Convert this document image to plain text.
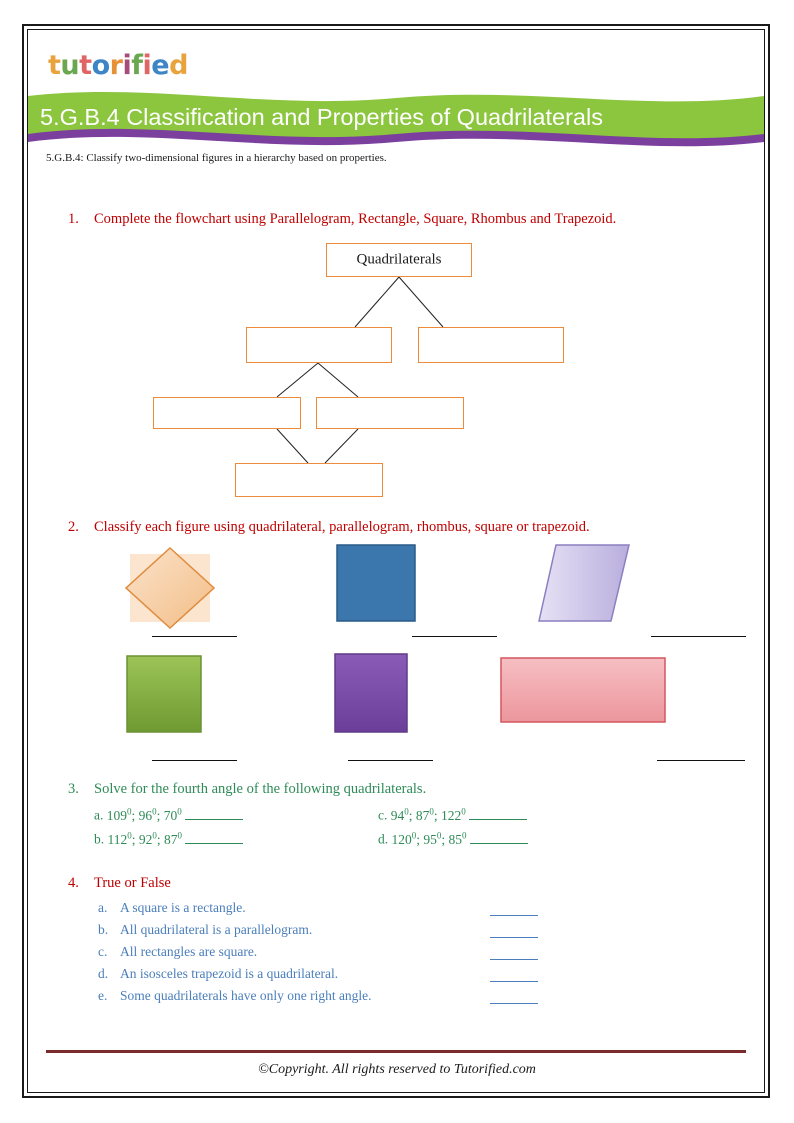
tutorified
5.G.B.4 Classification and Properties of Quadrilaterals
5.G.B.4: Classify two-dimensional figures in a hierarchy based on properties.
1. Complete the flowchart using Parallelogram, Rectangle, Square, Rhombus and Trapezoid.
Quadrilaterals
2. Classify each figure using quadrilateral, parallelogram, rhombus, square or trapezoid.
3. Solve for the fourth angle of the following quadrilaterals.
a. $109^0$; $96^0$; $70^0$
b. $112^0$; $92^0$; $87^0$
c. $94^0$; $87^0$; $122^0$
d. $120^0$; $95^0$; $85^0$
4. True or False
a. A square is a rectangle.
b. All quadrilateral is a parallelogram.
c. All rectangles are square.
d. An isosceles trapezoid is a quadrilateral.
e. Some quadrilaterals have only one right angle.
©Copyright. All rights reserved to Tutorified.com
